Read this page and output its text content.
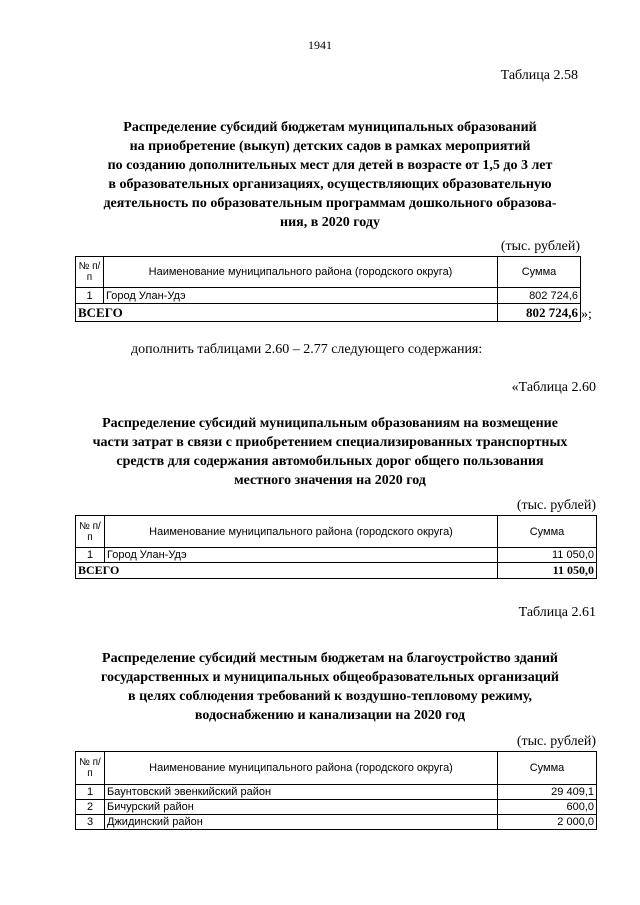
1941
Таблица 2.58
Распределение субсидий бюджетам муниципальных образований
на приобретение (выкуп) детских садов в рамках мероприятий
по созданию дополнительных мест для детей в возрасте от 1,5 до 3 лет
в образовательных организациях, осуществляющих образовательную
деятельность по образовательным программам дошкольного образова-
ния, в 2020 году
(тыс. рублей)
№ п/п	Наименование муниципального района (городского округа)	Сумма
1	Город Улан-Удэ	802 724,6
ВСЕГО		802 724,6 »;
дополнить таблицами 2.60 – 2.77 следующего содержания:
«Таблица 2.60
Распределение субсидий муниципальным образованиям на возмещение
части затрат в связи с приобретением специализированных транспортных
средств для содержания автомобильных дорог общего пользования
местного значения на 2020 год
(тыс. рублей)
№ п/п	Наименование муниципального района (городского округа)	Сумма
1	Город Улан-Удэ	11 050,0
ВСЕГО		11 050,0
Таблица 2.61
Распределение субсидий местным бюджетам на благоустройство зданий
государственных и муниципальных общеобразовательных организаций
в целях соблюдения требований к воздушно-тепловому режиму,
водоснабжению и канализации на 2020 год
(тыс. рублей)
№ п/п	Наименование муниципального района (городского округа)	Сумма
1	Баунтовский эвенкийский район	29 409,1
2	Бичурский район	600,0
3	Джидинский район	2 000,0
